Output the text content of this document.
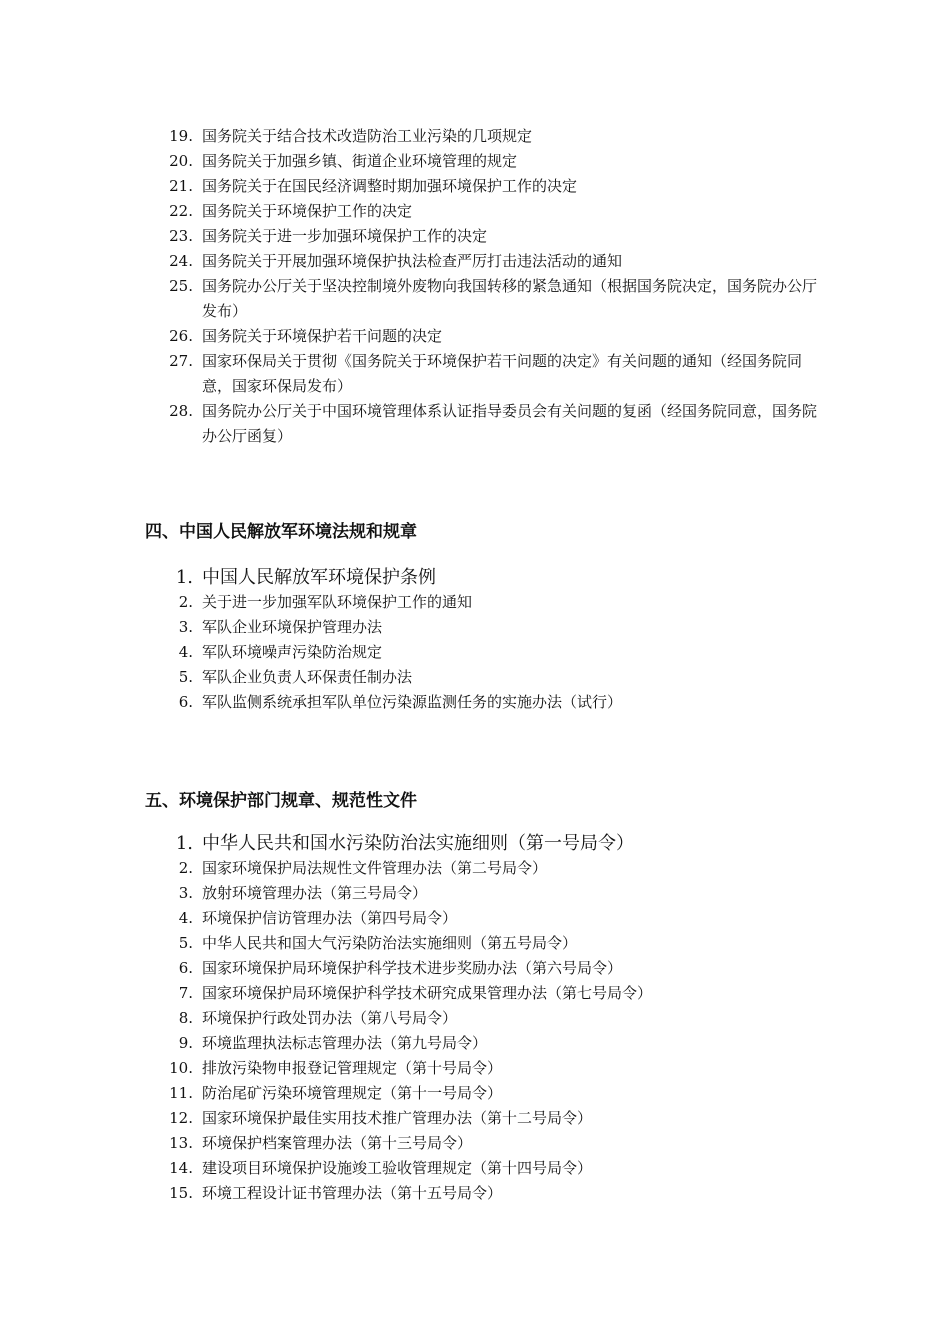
19. 国务院关于结合技术改造防治工业污染的几项规定
20. 国务院关于加强乡镇、街道企业环境管理的规定
21. 国务院关于在国民经济调整时期加强环境保护工作的决定
22. 国务院关于环境保护工作的决定
23. 国务院关于进一步加强环境保护工作的决定
24. 国务院关于开展加强环境保护执法检查严厉打击违法活动的通知
25. 国务院办公厅关于坚决控制境外废物向我国转移的紧急通知（根据国务院决定，国务院办公厅发布）
26. 国务院关于环境保护若干问题的决定
27. 国家环保局关于贯彻《国务院关于环境保护若干问题的决定》有关问题的通知（经国务院同意，国家环保局发布）
28. 国务院办公厅关于中国环境管理体系认证指导委员会有关问题的复函（经国务院同意，国务院办公厅函复）
四、中国人民解放军环境法规和规章
1. 中国人民解放军环境保护条例
2. 关于进一步加强军队环境保护工作的通知
3. 军队企业环境保护管理办法
4. 军队环境噪声污染防治规定
5. 军队企业负责人环保责任制办法
6. 军队监侧系统承担军队单位污染源监测任务的实施办法（试行）
五、环境保护部门规章、规范性文件
1. 中华人民共和国水污染防治法实施细则（第一号局令）
2. 国家环境保护局法规性文件管理办法（第二号局令）
3. 放射环境管理办法（第三号局令）
4. 环境保护信访管理办法（第四号局令）
5. 中华人民共和国大气污染防治法实施细则（第五号局令）
6. 国家环境保护局环境保护科学技术进步奖励办法（第六号局令）
7. 国家环境保护局环境保护科学技术研究成果管理办法（第七号局令）
8. 环境保护行政处罚办法（第八号局令）
9. 环境监理执法标志管理办法（第九号局令）
10. 排放污染物申报登记管理规定（第十号局令）
11. 防治尾矿污染环境管理规定（第十一号局令）
12. 国家环境保护最佳实用技术推广管理办法（第十二号局令）
13. 环境保护档案管理办法（第十三号局令）
14. 建设项目环境保护设施竣工验收管理规定（第十四号局令）
15. 环境工程设计证书管理办法（第十五号局令）
